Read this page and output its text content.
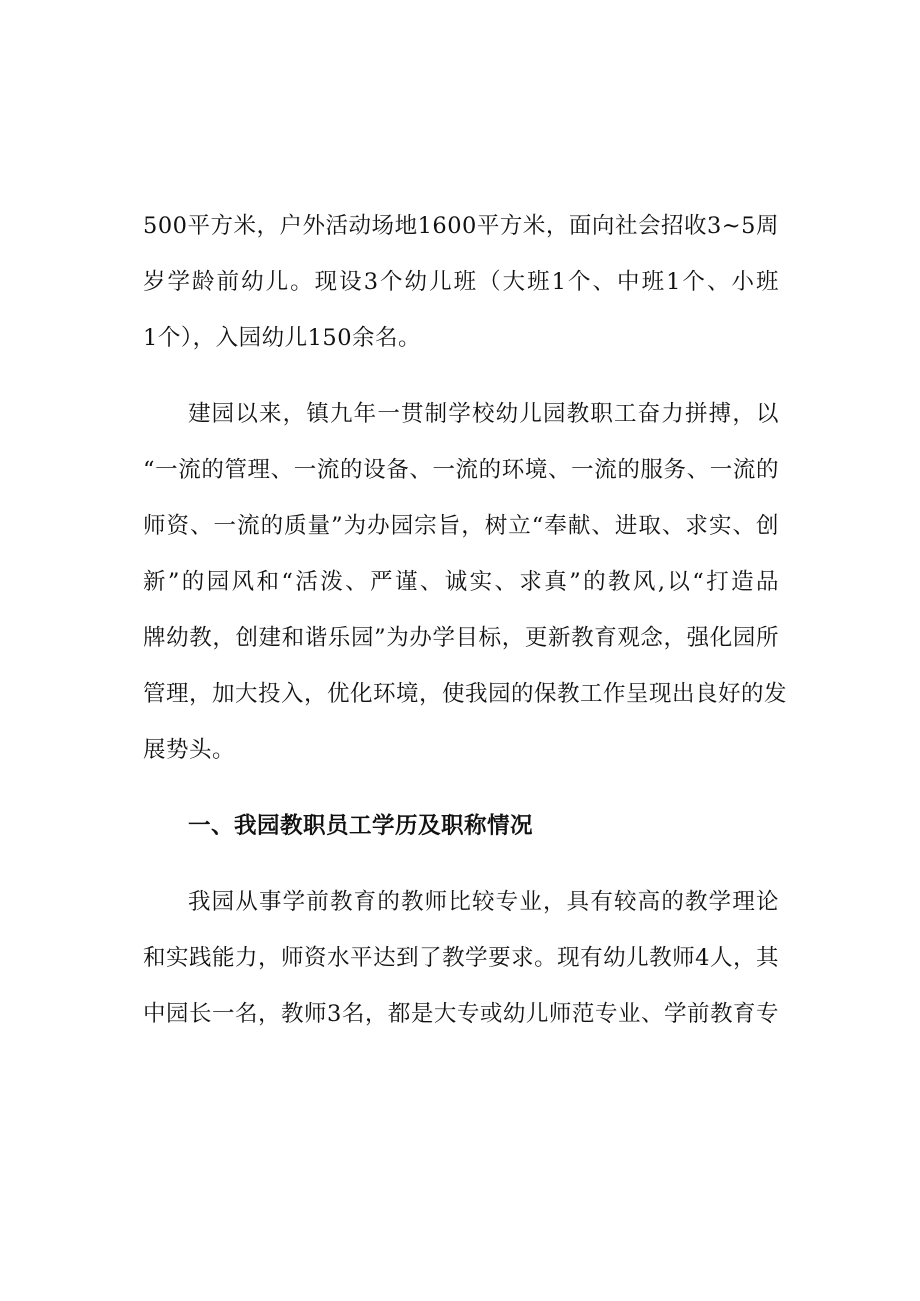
500平方米，户外活动场地1600平方米，面向社会招收3~5周
岁学龄前幼儿。现设3个幼儿班（大班1个、中班1个、小班
1个），入园幼儿150余名。
建园以来，镇九年一贯制学校幼儿园教职工奋力拼搏，以
“一流的管理、一流的设备、一流的环境、一流的服务、一流的
师资、一流的质量”为办园宗旨，树立“奉献、进取、求实、创
新”的园风和“活泼、严谨、诚实、求真”的教风,以“打造品
牌幼教，创建和谐乐园”为办学目标，更新教育观念，强化园所
管理，加大投入，优化环境，使我园的保教工作呈现出良好的发
展势头。
一、我园教职员工学历及职称情况
我园从事学前教育的教师比较专业，具有较高的教学理论
和实践能力，师资水平达到了教学要求。现有幼儿教师4人，其
中园长一名，教师3名，都是大专或幼儿师范专业、学前教育专
